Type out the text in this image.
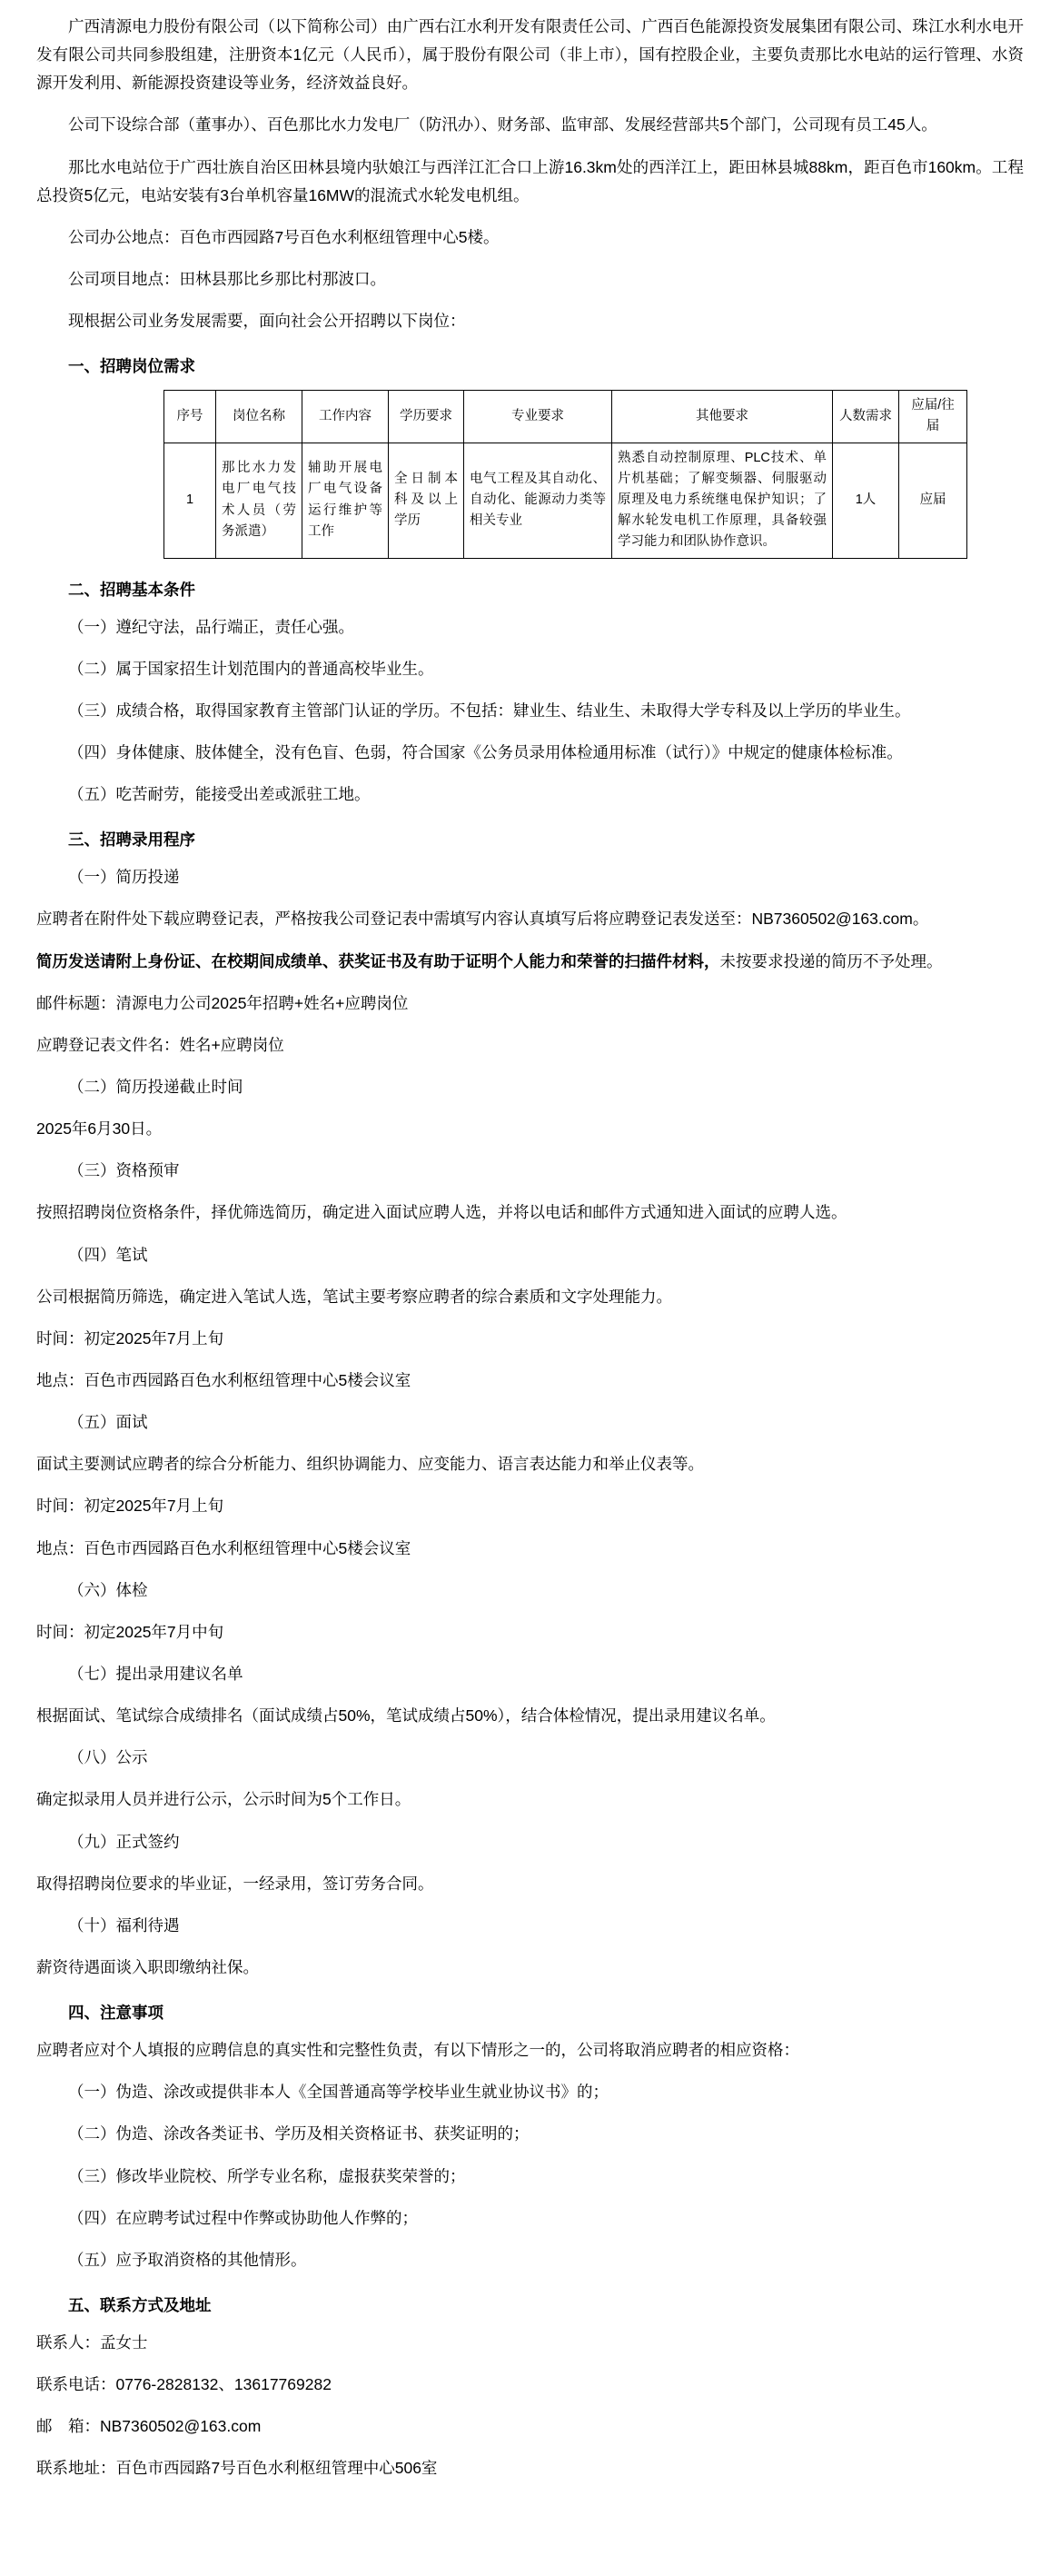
广西清源电力股份有限公司（以下简称公司）由广西右江水利开发有限责任公司、广西百色能源投资发展集团有限公司、珠江水利水电开发有限公司共同参股组建，注册资本1亿元（人民币），属于股份有限公司（非上市），国有控股企业，主要负责那比水电站的运行管理、水资源开发利用、新能源投资建设等业务，经济效益良好。

公司下设综合部（董事办）、百色那比水力发电厂（防汛办）、财务部、监审部、发展经营部共5个部门，公司现有员工45人。

那比水电站位于广西壮族自治区田林县境内驮娘江与西洋江汇合口上游16.3km处的西洋江上，距田林县城88km，距百色市160km。工程总投资5亿元，电站安装有3台单机容量16MW的混流式水轮发电机组。

公司办公地点：百色市西园路7号百色水利枢纽管理中心5楼。

公司项目地点：田林县那比乡那比村那波口。

现根据公司业务发展需要，面向社会公开招聘以下岗位：

一、招聘岗位需求
序号	岗位名称	工作内容	学历要求	专业要求	其他要求	人数需求	应届/往届
1	那比水力发电厂电气技术人员（劳务派遣）	辅助开展电厂电气设备运行维护等工作	全日制本科及以上学历	电气工程及其自动化、自动化、能源动力类等相关专业	熟悉自动控制原理、PLC技术、单片机基础；了解变频器、伺服驱动原理及电力系统继电保护知识；了解水轮发电机工作原理，具备较强学习能力和团队协作意识。	1人	应届
二、招聘基本条件

（一）遵纪守法，品行端正，责任心强。

（二）属于国家招生计划范围内的普通高校毕业生。

（三）成绩合格，取得国家教育主管部门认证的学历。不包括：肄业生、结业生、未取得大学专科及以上学历的毕业生。

（四）身体健康、肢体健全，没有色盲、色弱，符合国家《公务员录用体检通用标准（试行）》中规定的健康体检标准。

（五）吃苦耐劳，能接受出差或派驻工地。

三、招聘录用程序

（一）简历投递

应聘者在附件处下载应聘登记表，严格按我公司登记表中需填写内容认真填写后将应聘登记表发送至：NB7360502@163.com。

简历发送请附上身份证、在校期间成绩单、获奖证书及有助于证明个人能力和荣誉的扫描件材料，未按要求投递的简历不予处理。

邮件标题：清源电力公司2025年招聘+姓名+应聘岗位

应聘登记表文件名：姓名+应聘岗位

（二）简历投递截止时间

2025年6月30日。

（三）资格预审

按照招聘岗位资格条件，择优筛选简历，确定进入面试应聘人选，并将以电话和邮件方式通知进入面试的应聘人选。

（四）笔试

公司根据简历筛选，确定进入笔试人选，笔试主要考察应聘者的综合素质和文字处理能力。

时间：初定2025年7月上旬

地点：百色市西园路百色水利枢纽管理中心5楼会议室

（五）面试

面试主要测试应聘者的综合分析能力、组织协调能力、应变能力、语言表达能力和举止仪表等。

时间：初定2025年7月上旬

地点：百色市西园路百色水利枢纽管理中心5楼会议室

（六）体检

时间：初定2025年7月中旬

（七）提出录用建议名单

根据面试、笔试综合成绩排名（面试成绩占50%，笔试成绩占50%），结合体检情况，提出录用建议名单。

（八）公示

确定拟录用人员并进行公示，公示时间为5个工作日。

（九）正式签约

取得招聘岗位要求的毕业证，一经录用，签订劳务合同。

（十）福利待遇

薪资待遇面谈入职即缴纳社保。

四、注意事项

应聘者应对个人填报的应聘信息的真实性和完整性负责，有以下情形之一的，公司将取消应聘者的相应资格：

（一）伪造、涂改或提供非本人《全国普通高等学校毕业生就业协议书》的；

（二）伪造、涂改各类证书、学历及相关资格证书、获奖证明的；

（三）修改毕业院校、所学专业名称，虚报获奖荣誉的；

（四）在应聘考试过程中作弊或协助他人作弊的；

（五）应予取消资格的其他情形。

五、联系方式及地址

联系人：孟女士

联系电话：0776-2828132、13617769282

邮　箱：NB7360502@163.com

联系地址：百色市西园路7号百色水利枢纽管理中心506室
